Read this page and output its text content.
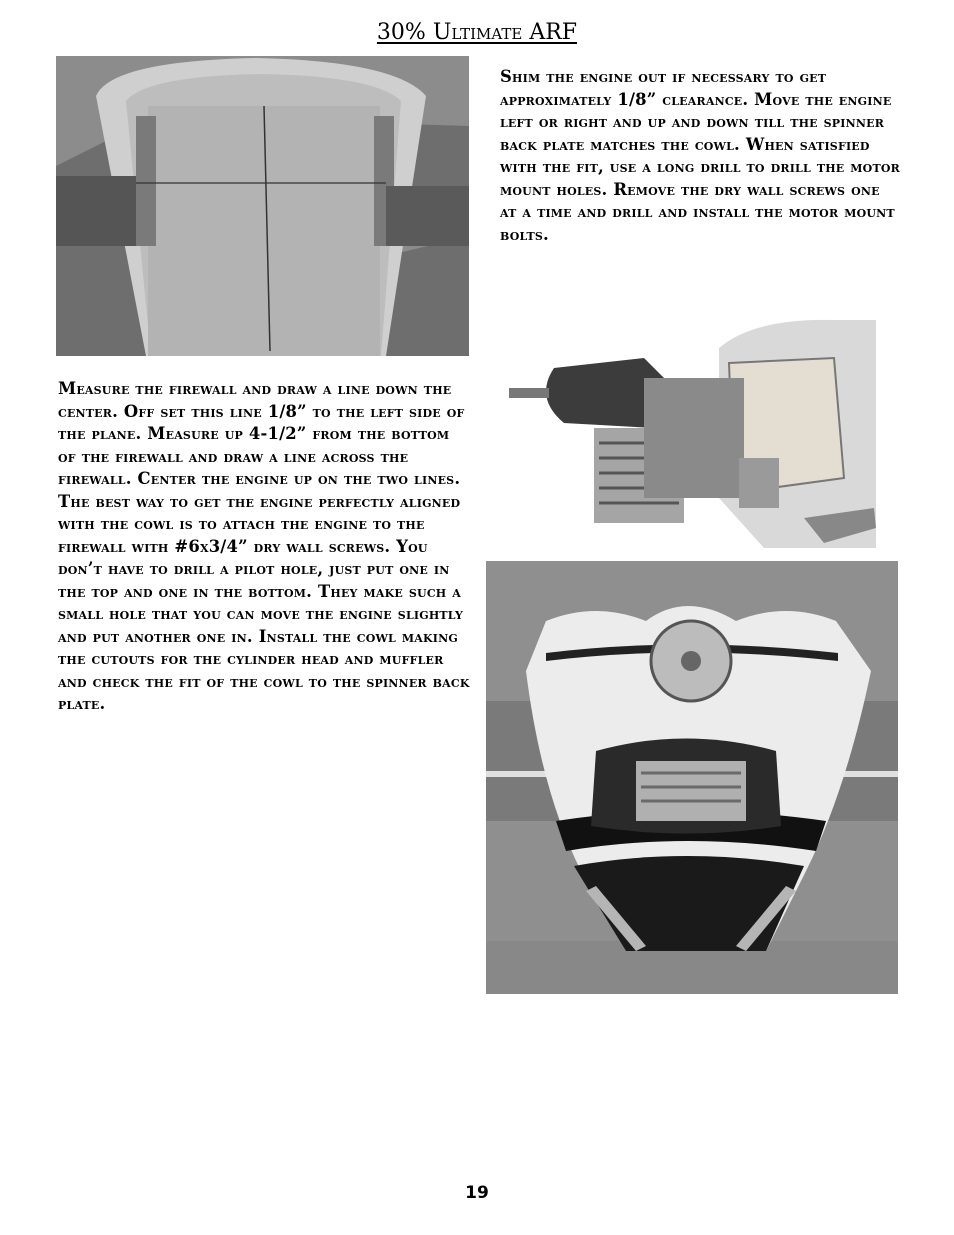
30% Ultimate ARF

Shim the engine out if necessary to get approximately 1/8” clearance. Move the engine left or right and up and down till the spinner back plate matches the cowl. When satisfied with the fit, use a long drill to drill the motor mount holes. Remove the dry wall screws one at a time and drill and install the motor mount bolts.

Measure the firewall and draw a line down the center. Off set this line 1/8” to the left side of the plane. Measure up 4-1/2” from the bottom of the firewall and draw a line across the firewall. Center the engine up on the two lines. The best way to get the engine perfectly aligned with the cowl is to attach the engine to the firewall with #6x3/4” dry wall screws. You don’t have to drill a pilot hole, just put one in the top and one in the bottom. They make such a small hole that you can move the engine slightly and put another one in. Install the cowl making the cutouts for the cylinder head and muffler and check the fit of the cowl to the spinner back plate.

19
